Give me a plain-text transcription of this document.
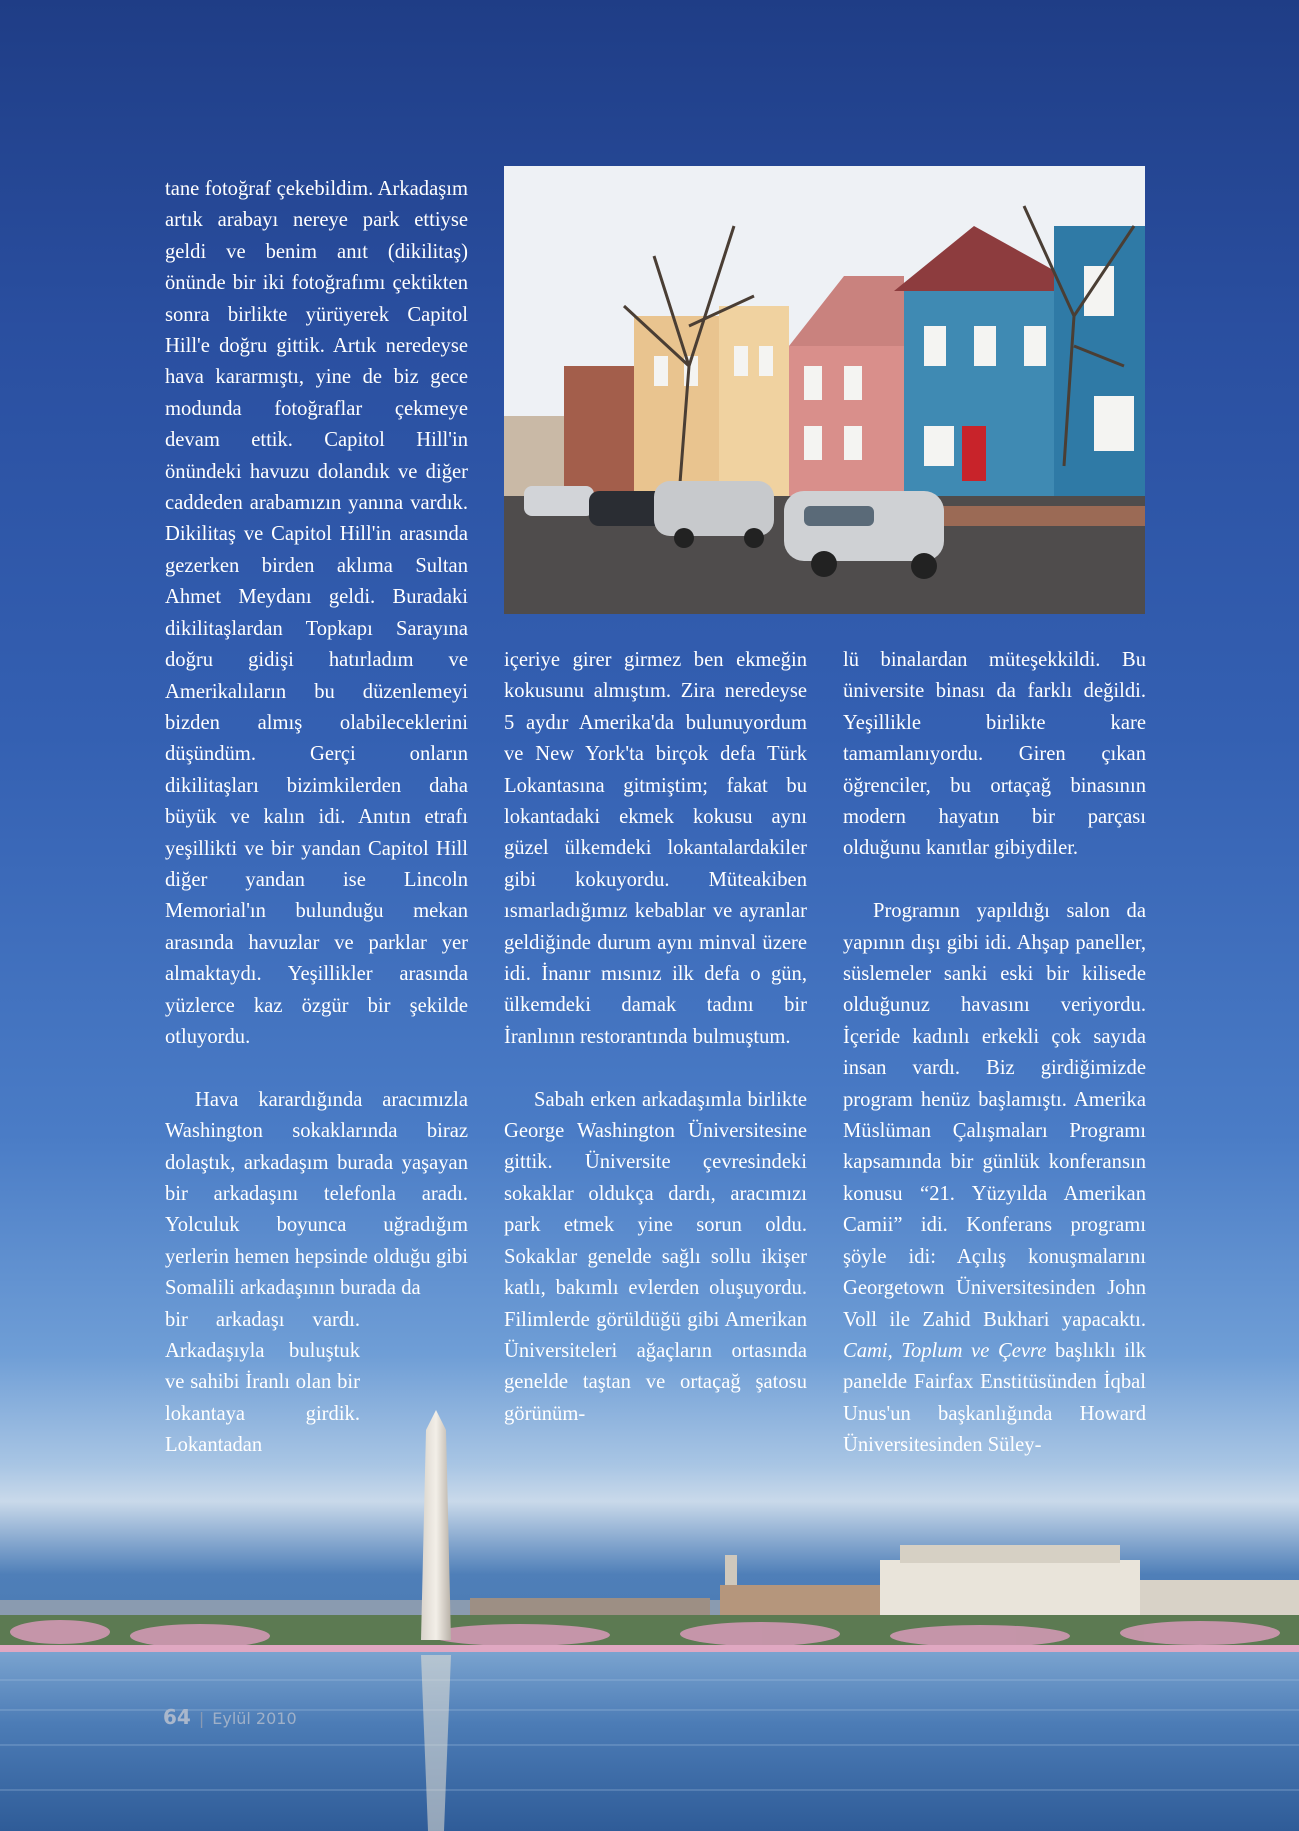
tane fotoğraf çekebildim. Arkadaşım artık arabayı nereye park ettiyse geldi ve benim anıt (dikilitaş) önünde bir iki fotoğrafımı çektikten sonra birlikte yürüyerek Capitol Hill'e doğru gittik. Artık neredeyse hava kararmıştı, yine de biz gece modunda fotoğraflar çekmeye devam ettik. Capitol Hill'in önündeki havuzu dolandık ve diğer caddeden arabamızın yanına vardık. Dikilitaş ve Capitol Hill'in arasında gezerken birden aklıma Sultan Ahmet Meydanı geldi. Buradaki dikilitaşlardan Topkapı Sarayına doğru gidişi hatırladım ve Amerikalıların bu düzenlemeyi bizden almış olabileceklerini düşündüm. Gerçi onların dikilitaşları bizimkilerden daha büyük ve kalın idi. Anıtın etrafı yeşillikti ve bir yandan Capitol Hill diğer yandan ise Lincoln Memorial'ın bulunduğu mekan arasında havuzlar ve parklar yer almaktaydı. Yeşillikler arasında yüzlerce kaz özgür bir şekilde otluyordu.

Hava karardığında aracımızla Washington sokaklarında biraz dolaştık, arkadaşım burada yaşayan bir arkadaşını telefonla aradı. Yolculuk boyunca uğradığım yerlerin hemen hepsinde olduğu gibi Somalili arkadaşının burada da

bir arkadaşı vardı. Arkadaşıyla buluştuk ve sahibi İranlı olan bir lokantaya girdik. Lokantadan

içeriye girer girmez ben ekmeğin kokusunu almıştım. Zira neredeyse 5 aydır Amerika'da bulunuyordum ve New York'ta birçok defa Türk Lokantasına gitmiştim; fakat bu lokantadaki ekmek kokusu aynı güzel ülkemdeki lokantalardakiler gibi kokuyordu. Müteakiben ısmarladığımız kebablar ve ayranlar geldiğinde durum aynı minval üzere idi. İnanır mısınız ilk defa o gün, ülkemdeki damak tadını bir İranlının restorantında bulmuştum.

Sabah erken arkadaşımla birlikte George Washington Üniversitesine gittik. Üniversite çevresindeki sokaklar oldukça dardı, aracımızı park etmek yine sorun oldu. Sokaklar genelde sağlı sollu ikişer katlı, bakımlı evlerden oluşuyordu. Filimlerde görüldüğü gibi Amerikan Üniversiteleri ağaçların ortasında genelde taştan ve ortaçağ şatosu görünüm-

lü binalardan müteşekkildi. Bu üniversite binası da farklı değildi. Yeşillikle birlikte kare tamamlanıyordu. Giren çıkan öğrenciler, bu ortaçağ binasının modern hayatın bir parçası olduğunu kanıtlar gibiydiler.

Programın yapıldığı salon da yapının dışı gibi idi. Ahşap paneller, süslemeler sanki eski bir kilisede olduğunuz havasını veriyordu. İçeride kadınlı erkekli çok sayıda insan vardı. Biz girdiğimizde program henüz başlamıştı. Amerika Müslüman Çalışmaları Programı kapsamında bir günlük konferansın konusu “21. Yüzyılda Amerikan Camii” idi. Konferans programı şöyle idi: Açılış konuşmalarını Georgetown Üniversitesinden John Voll ile Zahid Bukhari yapacaktı. Cami, Toplum ve Çevre başlıklı ilk panelde Fairfax Enstitüsünden İqbal Unus'un başkanlığında Howard Üniversitesinden Süley-

64 | Eylül 2010
